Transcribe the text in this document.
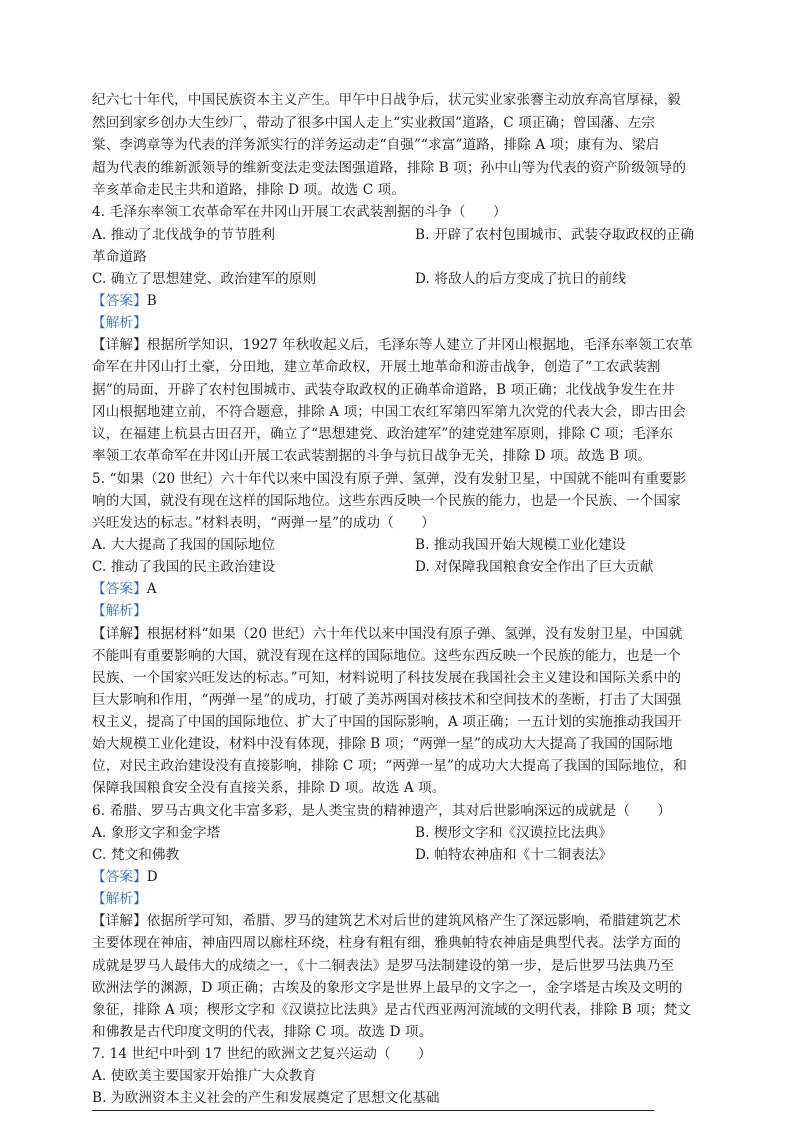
纪六七十年代，中国民族资本主义产生。甲午中日战争后，状元实业家张謇主动放弃高官厚禄，毅
然回到家乡创办大生纱厂，带动了很多中国人走上“实业救国”道路，C 项正确；曾国藩、左宗
棠、李鸿章等为代表的洋务派实行的洋务运动走“自强”“求富”道路，排除 A 项；康有为、梁启
超为代表的维新派领导的维新变法走变法图强道路，排除 B 项；孙中山等为代表的资产阶级领导的
辛亥革命走民主共和道路，排除 D 项。故选 C 项。
4. 毛泽东率领工农革命军在井冈山开展工农武装割据的斗争（　　）
A. 推动了北伐战争的节节胜利	B. 开辟了农村包围城市、武装夺取政权的正确
革命道路
C. 确立了思想建党、政治建军的原则	D. 将敌人的后方变成了抗日的前线
【答案】B
【解析】
【详解】根据所学知识，1927 年秋收起义后，毛泽东等人建立了井冈山根据地，毛泽东率领工农革
命军在井冈山打土豪，分田地，建立革命政权，开展土地革命和游击战争，创造了“工农武装割
据”的局面，开辟了农村包围城市、武装夺取政权的正确革命道路，B 项正确；北伐战争发生在井
冈山根据地建立前，不符合题意，排除 A 项；中国工农红军第四军第九次党的代表大会，即古田会
议，在福建上杭县古田召开，确立了“思想建党、政治建军”的建党建军原则，排除 C 项；毛泽东
率领工农革命军在井冈山开展工农武装割据的斗争与抗日战争无关，排除 D 项。故选 B 项。
5. “如果（20 世纪）六十年代以来中国没有原子弹、氢弹，没有发射卫星，中国就不能叫有重要影
响的大国，就没有现在这样的国际地位。这些东西反映一个民族的能力，也是一个民族、一个国家
兴旺发达的标志。”材料表明，“两弹一星”的成功（　　）
A. 大大提高了我国的国际地位	B. 推动我国开始大规模工业化建设
C. 推动了我国的民主政治建设	D. 对保障我国粮食安全作出了巨大贡献
【答案】A
【解析】
【详解】根据材料“如果（20 世纪）六十年代以来中国没有原子弹、氢弹，没有发射卫星，中国就
不能叫有重要影响的大国，就没有现在这样的国际地位。这些东西反映一个民族的能力，也是一个
民族、一个国家兴旺发达的标志。”可知，材料说明了科技发展在我国社会主义建设和国际关系中的
巨大影响和作用，“两弹一星”的成功，打破了美苏两国对核技术和空间技术的垄断，打击了大国强
权主义，提高了中国的国际地位、扩大了中国的国际影响，A 项正确；一五计划的实施推动我国开
始大规模工业化建设，材料中没有体现，排除 B 项；“两弹一星”的成功大大提高了我国的国际地
位，对民主政治建设没有直接影响，排除 C 项；“两弹一星”的成功大大提高了我国的国际地位，和
保障我国粮食安全没有直接关系，排除 D 项。故选 A 项。
6. 希腊、罗马古典文化丰富多彩，是人类宝贵的精神遗产，其对后世影响深远的成就是（　　）
A. 象形文字和金字塔	B. 楔形文字和《汉谟拉比法典》
C. 梵文和佛教	D. 帕特农神庙和《十二铜表法》
【答案】D
【解析】
【详解】依据所学可知，希腊、罗马的建筑艺术对后世的建筑风格产生了深远影响，希腊建筑艺术
主要体现在神庙，神庙四周以廊柱环绕，柱身有粗有细，雅典帕特农神庙是典型代表。法学方面的
成就是罗马人最伟大的成绩之一，《十二铜表法》是罗马法制建设的第一步，是后世罗马法典乃至
欧洲法学的渊源，D 项正确；古埃及的象形文字是世界上最早的文字之一，金字塔是古埃及文明的
象征，排除 A 项；楔形文字和《汉谟拉比法典》是古代西亚两河流域的文明代表，排除 B 项；梵文
和佛教是古代印度文明的代表，排除 C 项。故选 D 项。
7. 14 世纪中叶到 17 世纪的欧洲文艺复兴运动（　　）
A. 使欧美主要国家开始推广大众教育
B. 为欧洲资本主义社会的产生和发展奠定了思想文化基础
